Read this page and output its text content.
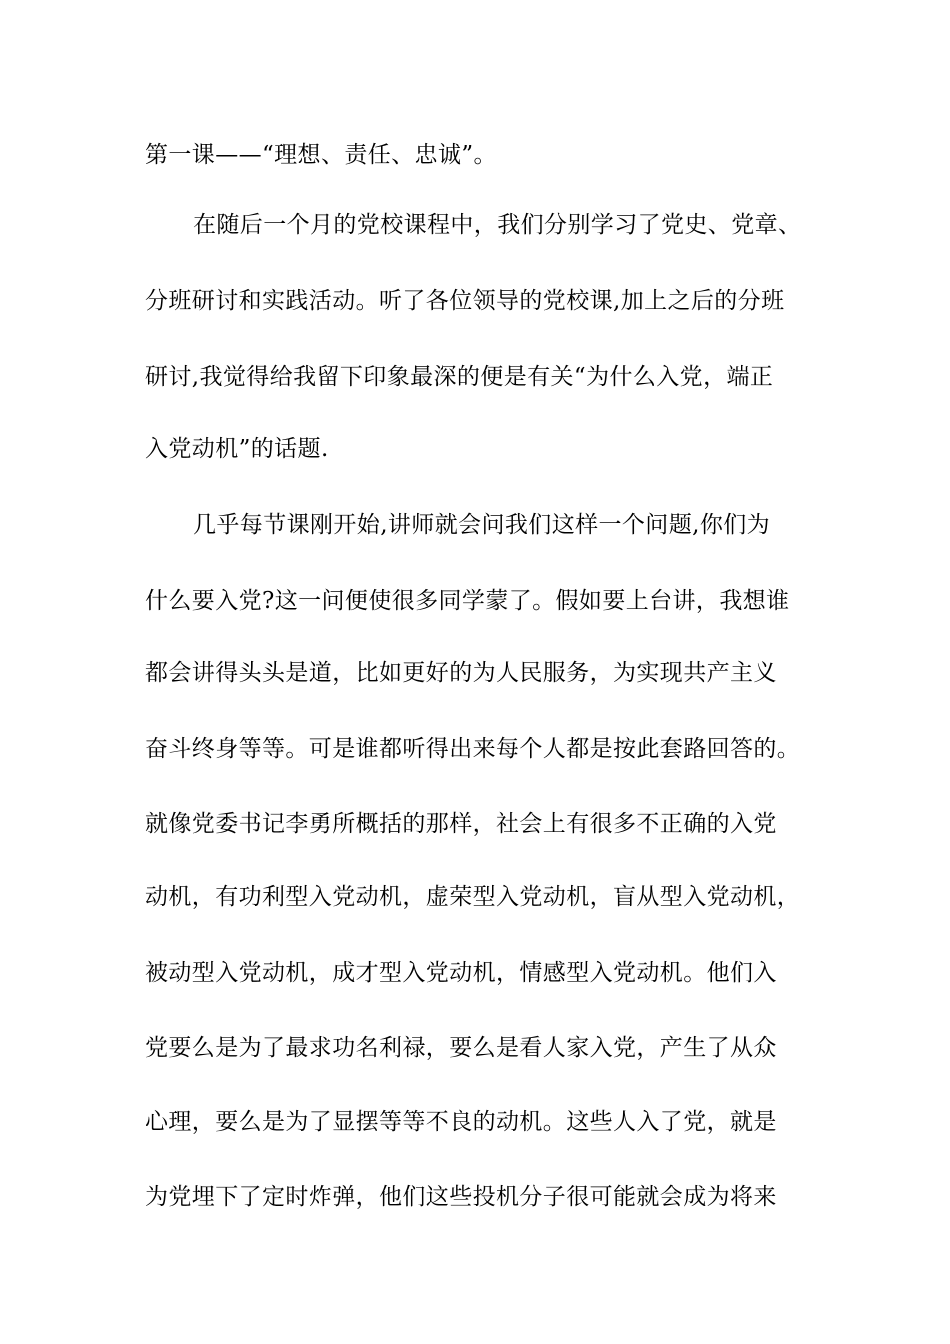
第一课——“理想、责任、忠诚”。
在随后一个月的党校课程中，我们分别学习了党史、党章、
分班研讨和实践活动。听了各位领导的党校课,加上之后的分班
研讨,我觉得给我留下印象最深的便是有关“为什么入党，端正
入党动机”的话题.
几乎每节课刚开始,讲师就会问我们这样一个问题,你们为
什么要入党?这一问便使很多同学蒙了。假如要上台讲，我想谁
都会讲得头头是道，比如更好的为人民服务，为实现共产主义
奋斗终身等等。可是谁都听得出来每个人都是按此套路回答的。
就像党委书记李勇所概括的那样，社会上有很多不正确的入党
动机，有功利型入党动机，虚荣型入党动机，盲从型入党动机，
被动型入党动机，成才型入党动机，情感型入党动机。他们入
党要么是为了最求功名利禄，要么是看人家入党，产生了从众
心理，要么是为了显摆等等不良的动机。这些人入了党，就是
为党埋下了定时炸弹，他们这些投机分子很可能就会成为将来
